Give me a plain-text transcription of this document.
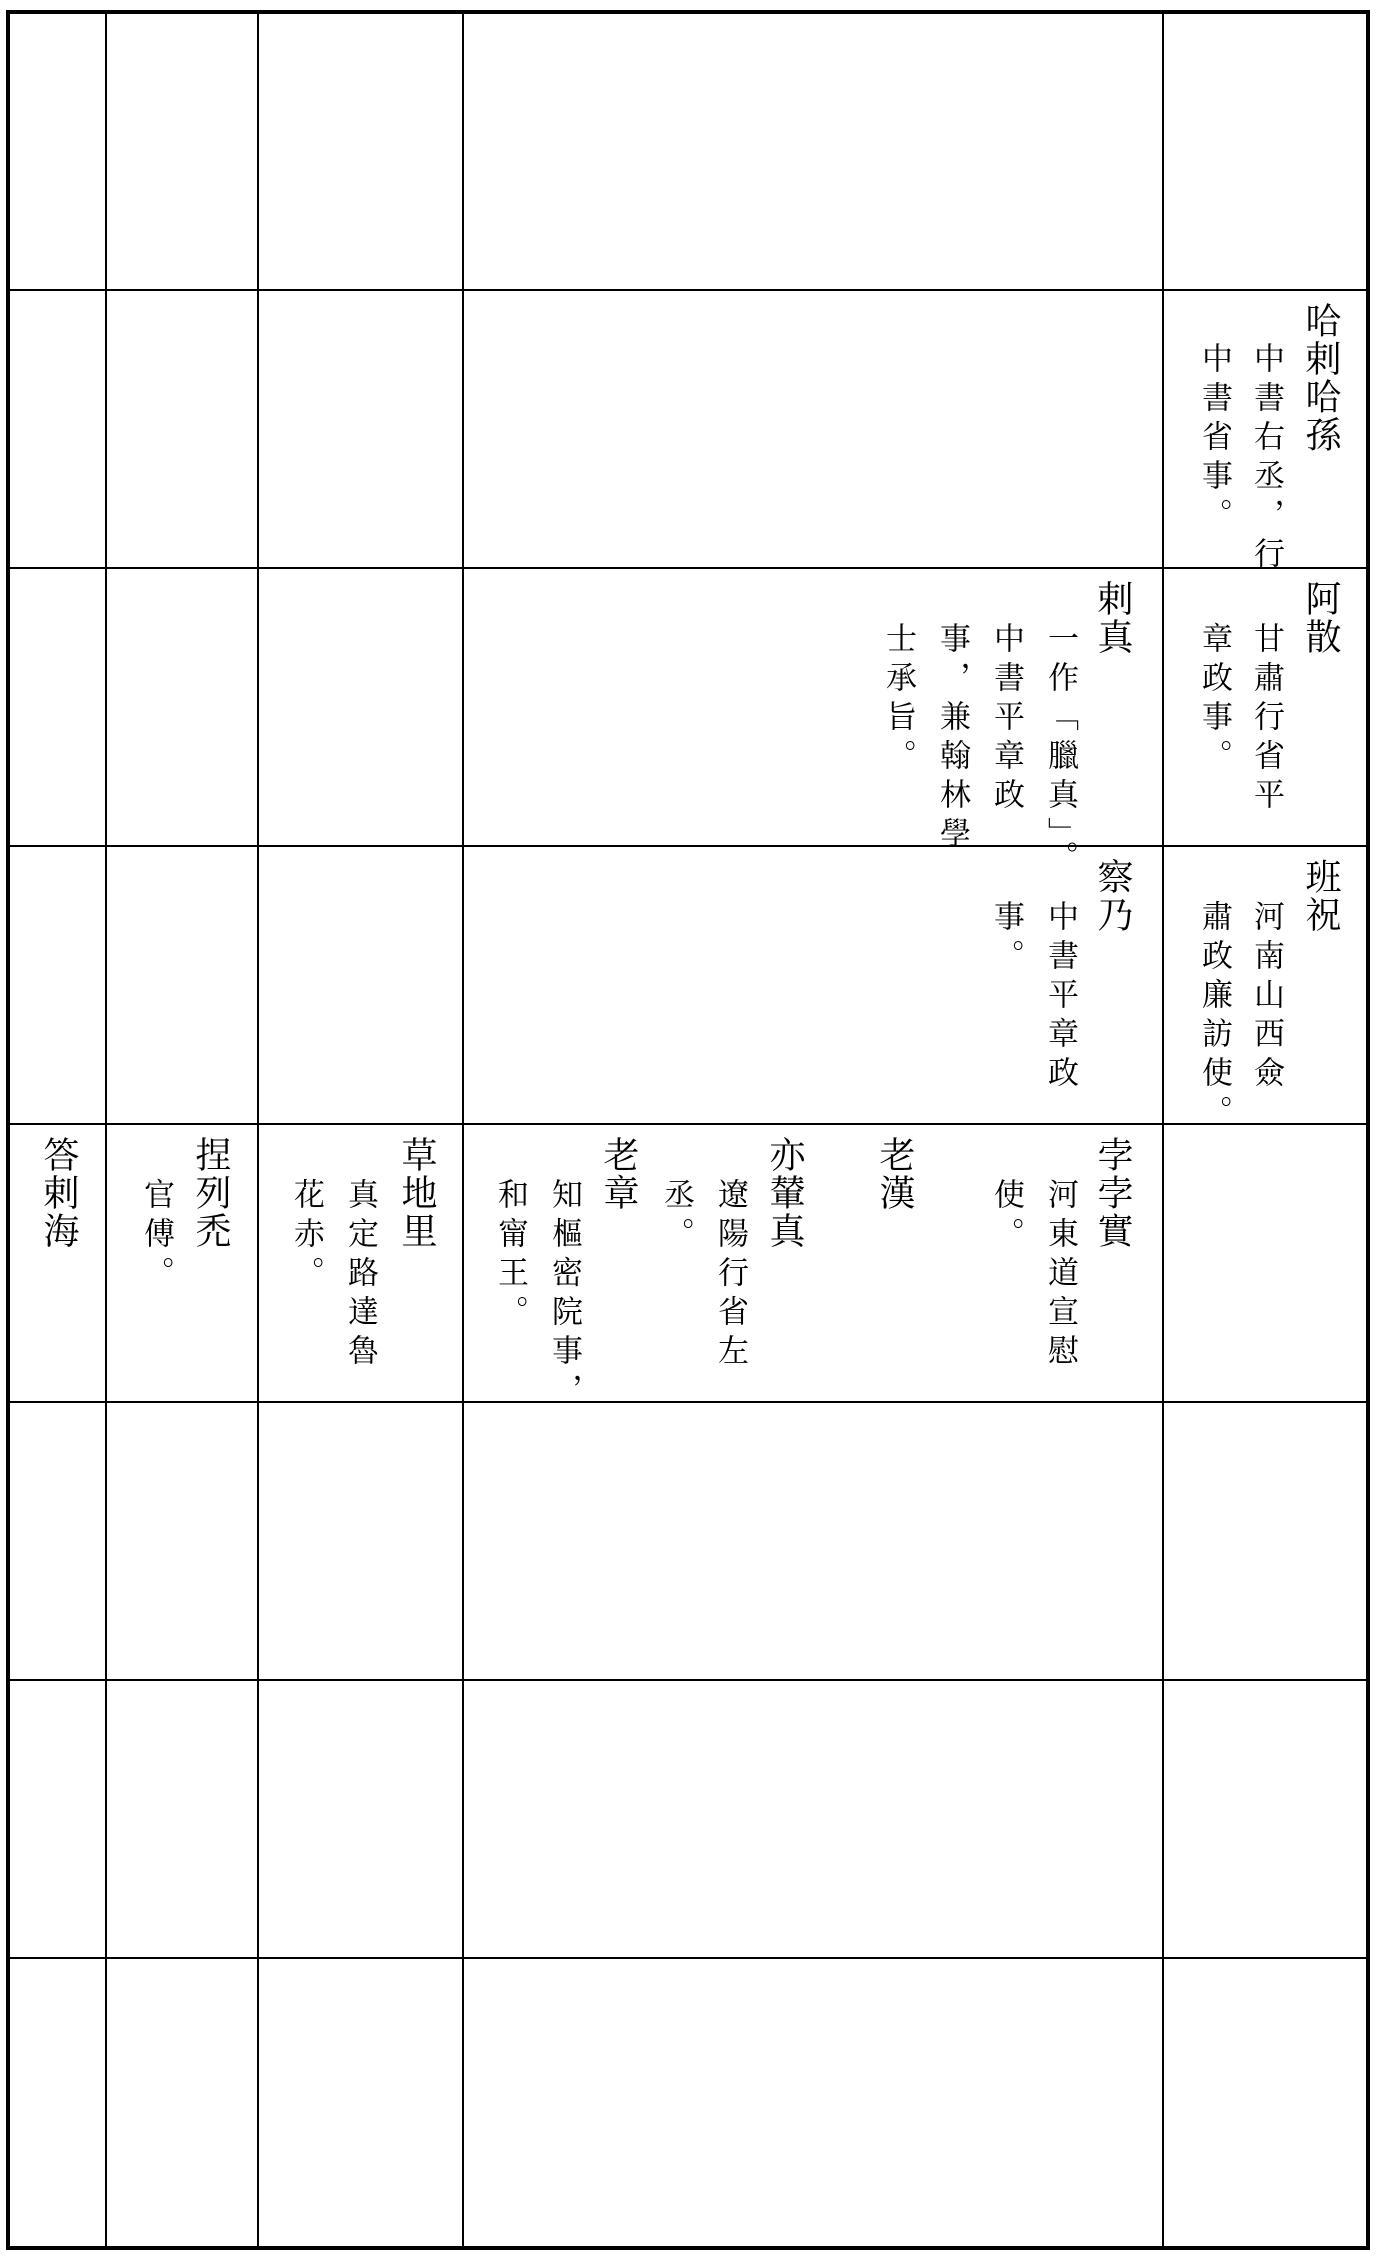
哈剌哈孫
中書右丞，行
中書省事。
阿散
甘肅行省平
章政事。
剌真
一作「臘真」。
中書平章政
事，兼翰林學
士承旨。
班祝
河南山西僉
肅政廉訪使。
察乃
中書平章政
事。
孛孛實
河東道宣慰
使。
老漢
亦輦真
遼陽行省左
丞。
老章
知樞密院事，
和甯王。
草地里
真定路達魯
花赤。
捏列禿
官傅。
答剌海
